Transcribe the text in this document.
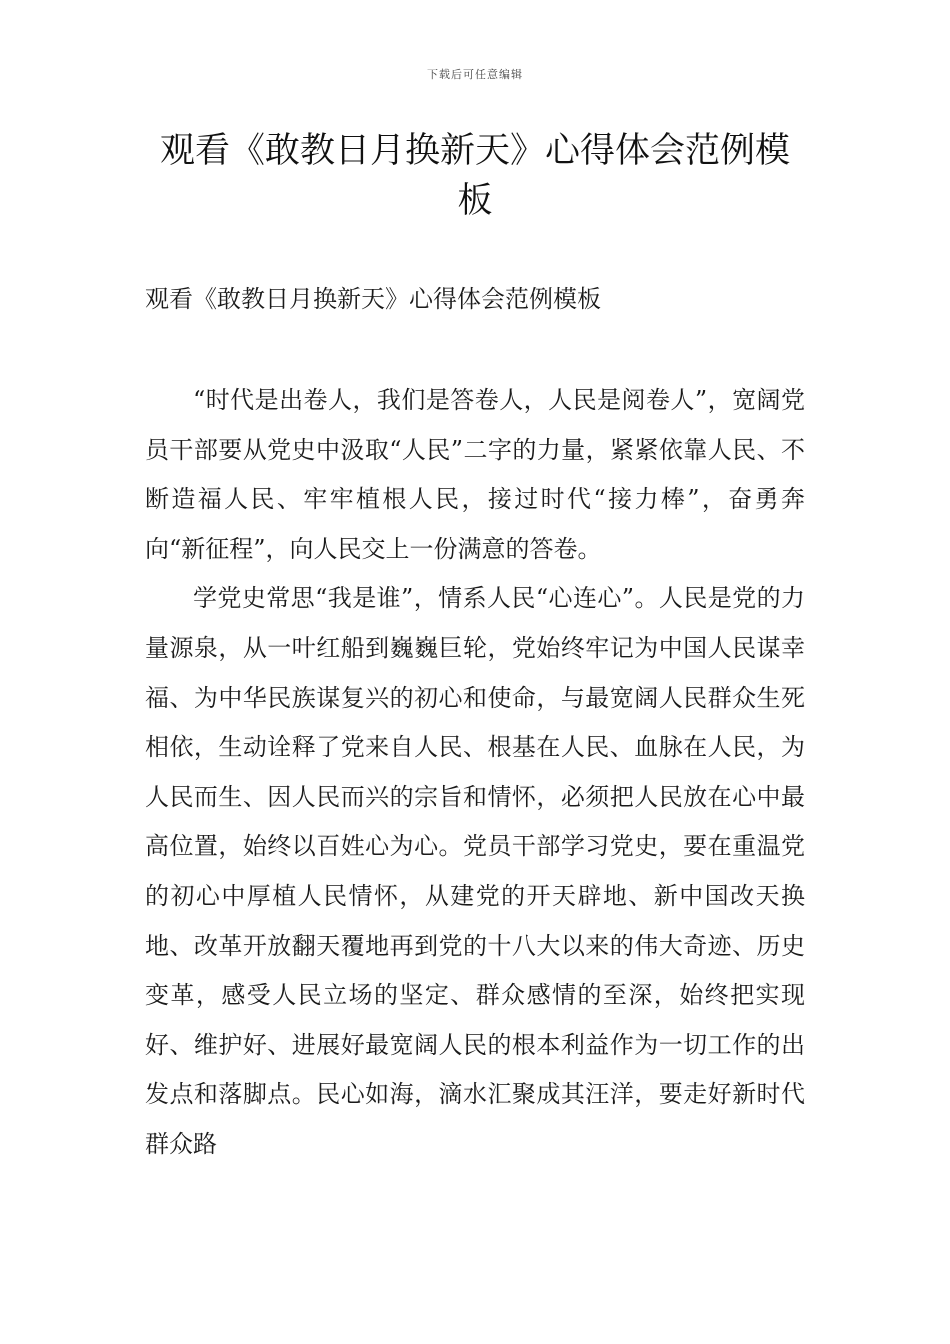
下载后可任意编辑
观看《敢教日月换新天》心得体会范例模板
观看《敢教日月换新天》心得体会范例模板

“时代是出卷人，我们是答卷人，人民是阅卷人”，宽阔党员干部要从党史中汲取“人民”二字的力量，紧紧依靠人民、不断造福人民、牢牢植根人民，接过时代“接力棒”，奋勇奔向“新征程”，向人民交上一份满意的答卷。

学党史常思“我是谁”，情系人民“心连心”。人民是党的力量源泉，从一叶红船到巍巍巨轮，党始终牢记为中国人民谋幸福、为中华民族谋复兴的初心和使命，与最宽阔人民群众生死相依，生动诠释了党来自人民、根基在人民、血脉在人民，为人民而生、因人民而兴的宗旨和情怀，必须把人民放在心中最高位置，始终以百姓心为心。党员干部学习党史，要在重温党的初心中厚植人民情怀，从建党的开天辟地、新中国改天换地、改革开放翻天覆地再到党的十八大以来的伟大奇迹、历史变革，感受人民立场的坚定、群众感情的至深，始终把实现好、维护好、进展好最宽阔人民的根本利益作为一切工作的出发点和落脚点。民心如海，滴水汇聚成其汪洋，要走好新时代群众路
